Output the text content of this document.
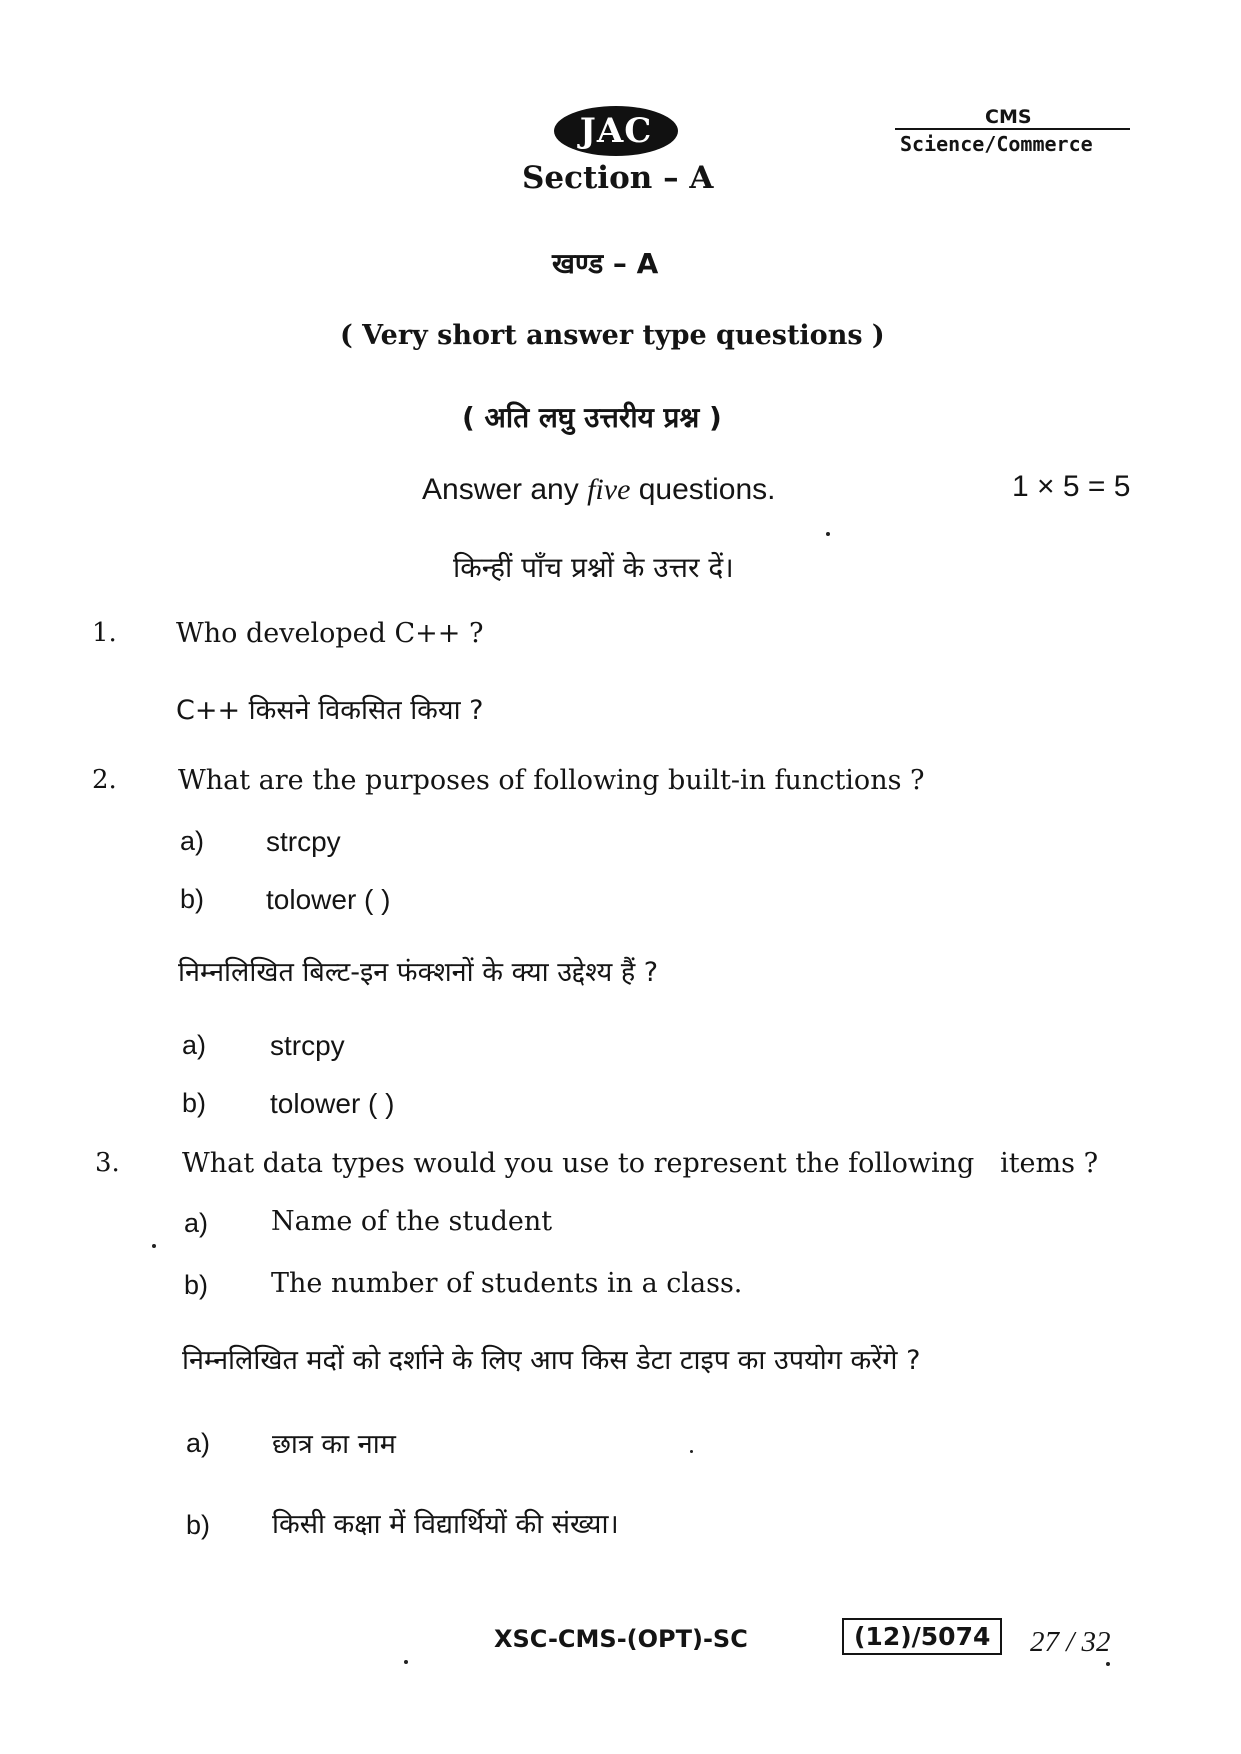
JAC	CMS
Science/Commerce
Section – A
खण्ड – A
( Very short answer type questions )
( अति लघु उत्तरीय प्रश्न )
Answer any five questions.	1 × 5 = 5
किन्हीं पाँच प्रश्नों के उत्तर दें।
1. Who developed C++ ?
C++ किसने विकसित किया ?
2. What are the purposes of following built-in functions ?
a) strcpy
b) tolower ( )
निम्नलिखित बिल्ट-इन फंक्शनों के क्या उद्देश्य हैं ?
a) strcpy
b) tolower ( )
3. What data types would you use to represent the following   items ?
a) Name of the student
b) The number of students in a class.
निम्नलिखित मदों को दर्शाने के लिए आप किस डेटा टाइप का उपयोग करेंगे ?
a) छात्र का नाम
b) किसी कक्षा में विद्यार्थियों की संख्या।
XSC-CMS-(OPT)-SC	(12)/5074	27 / 32
